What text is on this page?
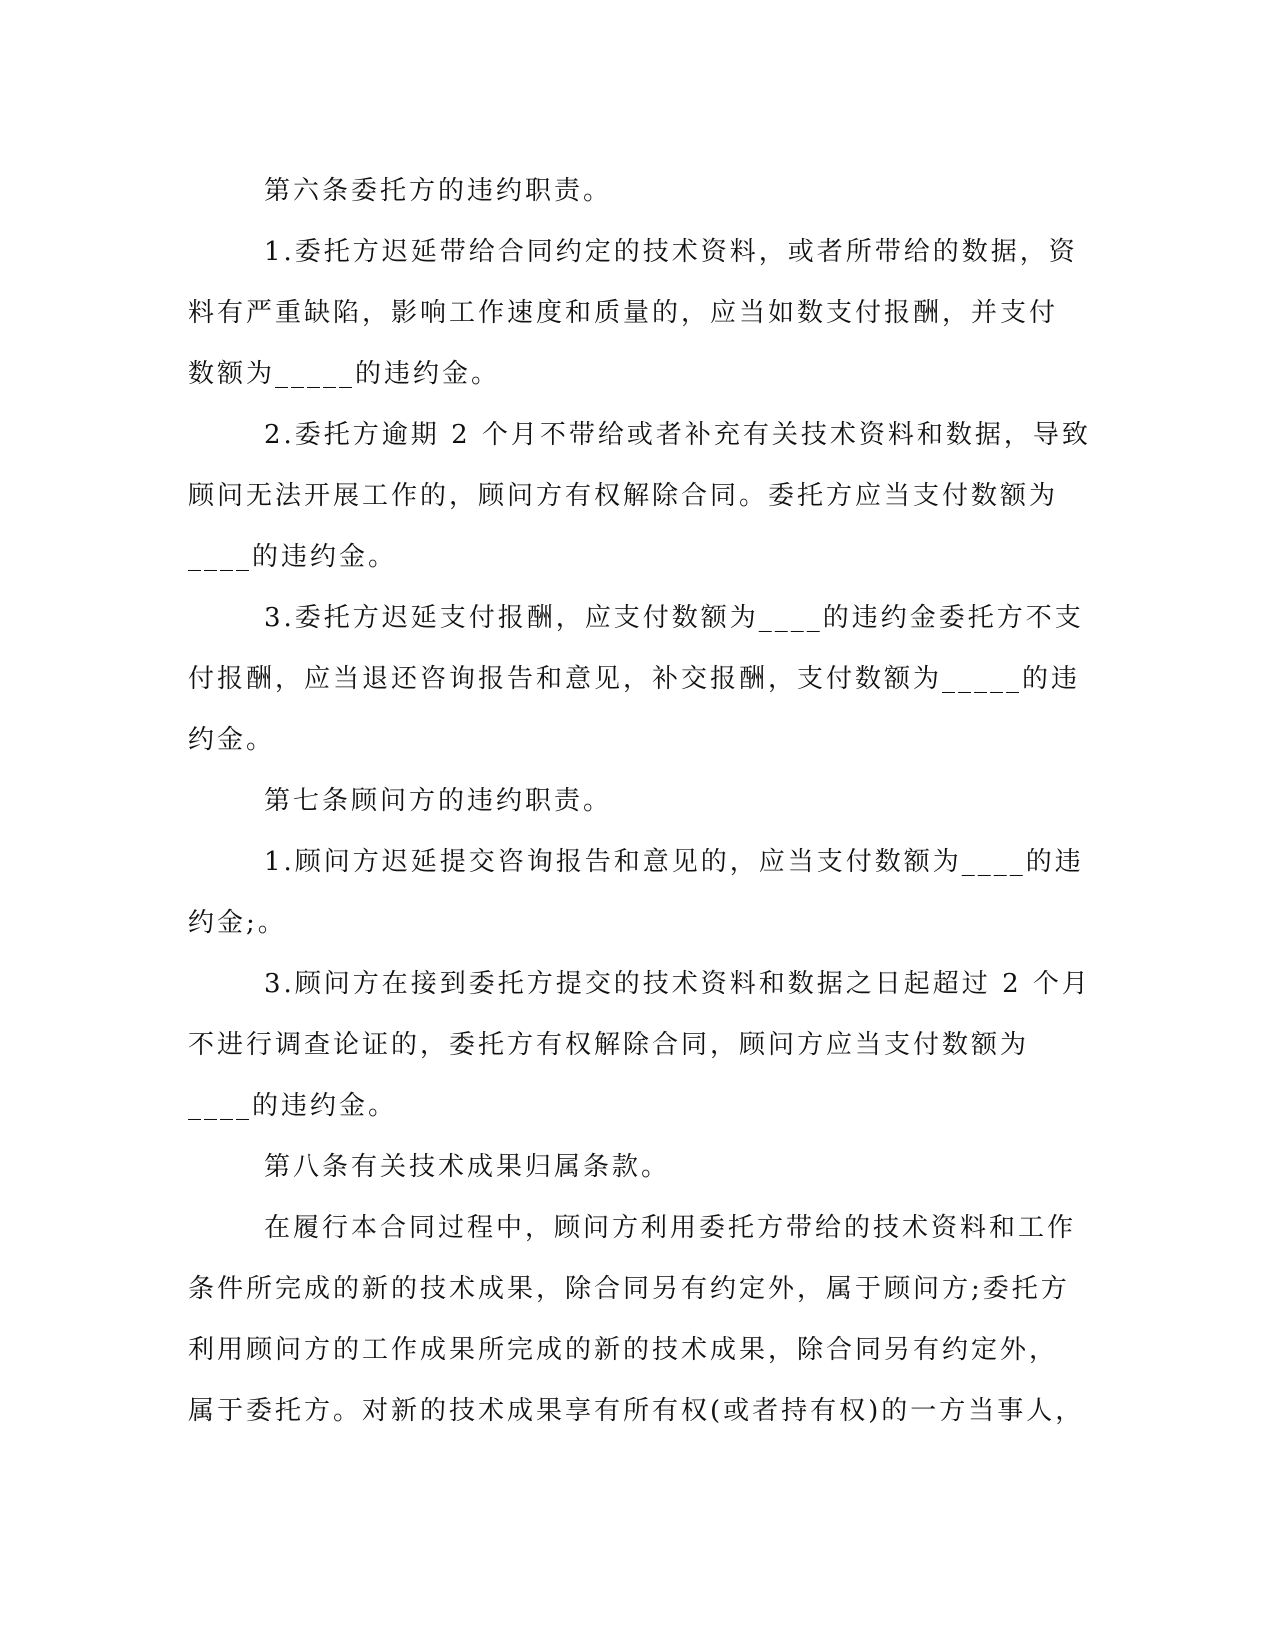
第六条委托方的违约职责。
1.委托方迟延带给合同约定的技术资料，或者所带给的数据，资
料有严重缺陷，影响工作速度和质量的，应当如数支付报酬，并支付
数额为_____的违约金。
2.委托方逾期 2 个月不带给或者补充有关技术资料和数据，导致
顾问无法开展工作的，顾问方有权解除合同。委托方应当支付数额为
____的违约金。
3.委托方迟延支付报酬，应支付数额为____的违约金委托方不支
付报酬，应当退还咨询报告和意见，补交报酬，支付数额为_____的违
约金。
第七条顾问方的违约职责。
1.顾问方迟延提交咨询报告和意见的，应当支付数额为____的违
约金;。
3.顾问方在接到委托方提交的技术资料和数据之日起超过 2 个月
不进行调查论证的，委托方有权解除合同，顾问方应当支付数额为
____的违约金。
第八条有关技术成果归属条款。
在履行本合同过程中，顾问方利用委托方带给的技术资料和工作
条件所完成的新的技术成果，除合同另有约定外，属于顾问方;委托方
利用顾问方的工作成果所完成的新的技术成果，除合同另有约定外，
属于委托方。对新的技术成果享有所有权(或者持有权)的一方当事人，
